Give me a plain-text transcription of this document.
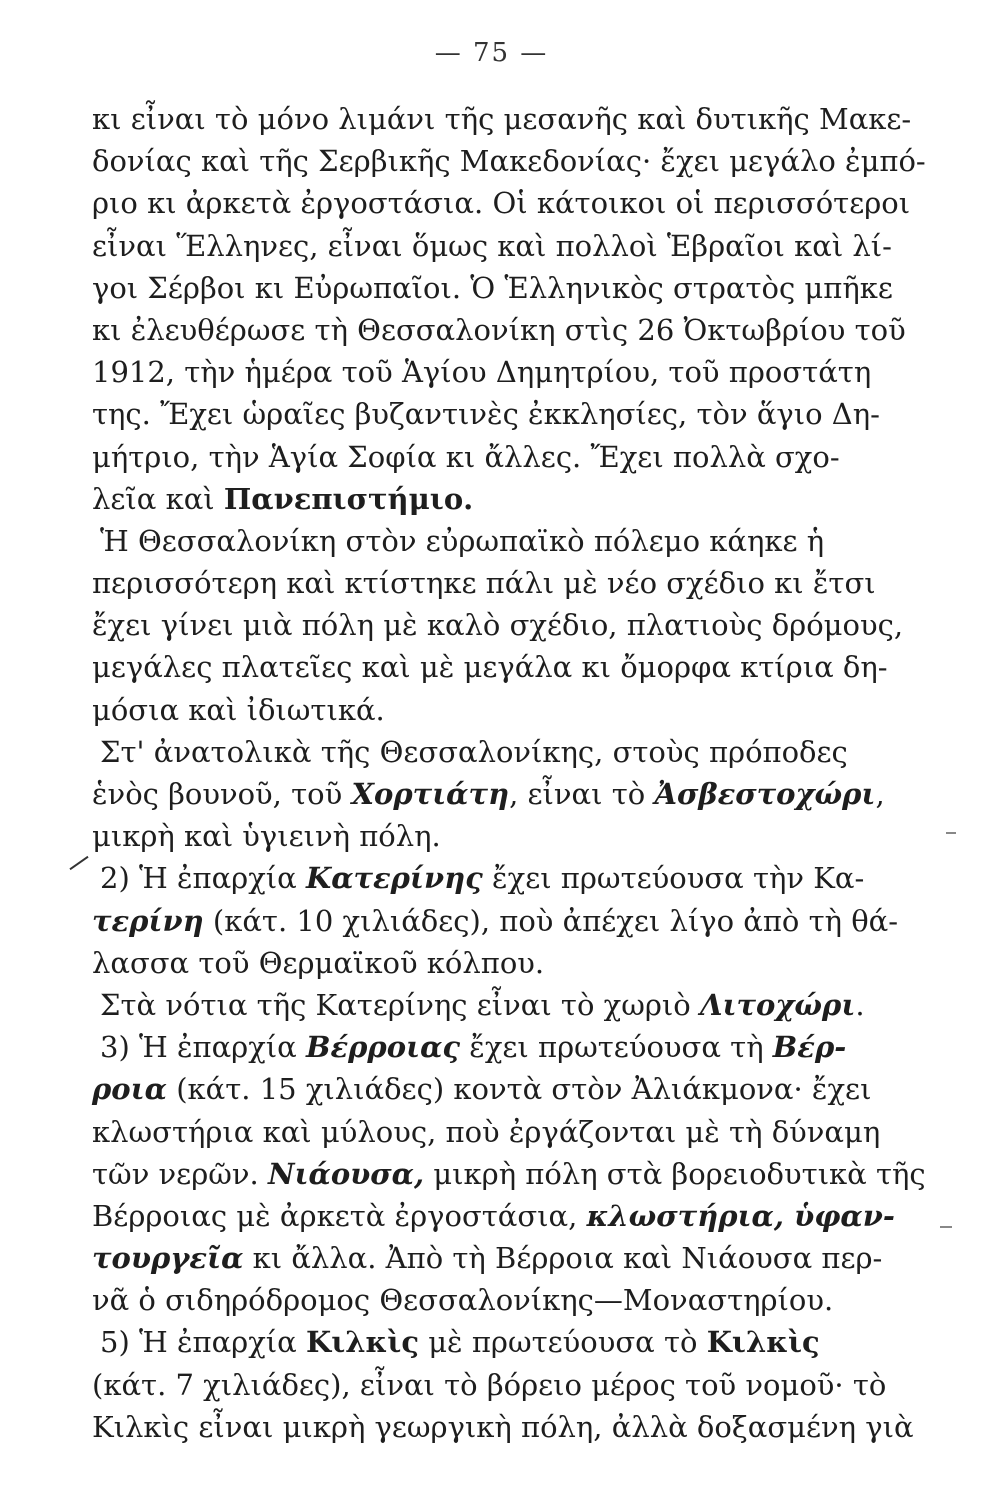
— 75 —
κι εἶναι τὸ μόνο λιμάνι τῆς μεσανῆς καὶ δυτικῆς Μακε-
δονίας καὶ τῆς Σερβικῆς Μακεδονίας· ἔχει μεγάλο ἐμπό-
ριο κι ἀρκετὰ ἐργοστάσια. Οἱ κάτοικοι οἱ περισσότεροι
εἶναι Ἕλληνες, εἶναι ὅμως καὶ πολλοὶ Ἑβραῖοι καὶ λί-
γοι Σέρβοι κι Εὐρωπαῖοι. Ὁ Ἑλληνικὸς στρατὸς μπῆκε
κι ἐλευθέρωσε τὴ Θεσσαλονίκη στὶς 26 Ὀκτωβρίου τοῦ
1912, τὴν ἡμέρα τοῦ Ἁγίου Δημητρίου, τοῦ προστάτη
της. Ἔχει ὡραῖες βυζαντινὲς ἐκκλησίες, τὸν ἅγιο Δη-
μήτριο, τὴν Ἁγία Σοφία κι ἄλλες. Ἔχει πολλὰ σχο-
λεῖα καὶ Πανεπιστήμιο.
Ἡ Θεσσαλονίκη στὸν εὐρωπαϊκὸ πόλεμο κάηκε ἡ
περισσότερη καὶ κτίστηκε πάλι μὲ νέο σχέδιο κι ἔτσι
ἔχει γίνει μιὰ πόλη μὲ καλὸ σχέδιο, πλατιοὺς δρόμους,
μεγάλες πλατεῖες καὶ μὲ μεγάλα κι ὄμορφα κτίρια δη-
μόσια καὶ ἰδιωτικά.
Στ' ἀνατολικὰ τῆς Θεσσαλονίκης, στοὺς πρόποδες
ἑνὸς βουνοῦ, τοῦ Χορτιάτη, εἶναι τὸ Ἀσβεστοχώρι,
μικρὴ καὶ ὑγιεινὴ πόλη.
2) Ἡ ἐπαρχία Κατερίνης ἔχει πρωτεύουσα τὴν Κα-
τερίνη (κάτ. 10 χιλιάδες), ποὺ ἀπέχει λίγο ἀπὸ τὴ θά-
λασσα τοῦ Θερμαϊκοῦ κόλπου.
Στὰ νότια τῆς Κατερίνης εἶναι τὸ χωριὸ Λιτοχώρι.
3) Ἡ ἐπαρχία Βέρροιας ἔχει πρωτεύουσα τὴ Βέρ-
ροια (κάτ. 15 χιλιάδες) κοντὰ στὸν Ἀλιάκμονα· ἔχει
κλωστήρια καὶ μύλους, ποὺ ἐργάζονται μὲ τὴ δύναμη
τῶν νερῶν. Νιάουσα, μικρὴ πόλη στὰ βορειοδυτικὰ τῆς
Βέρροιας μὲ ἀρκετὰ ἐργοστάσια, κλωστήρια, ὑφαν-
τουργεῖα κι ἄλλα. Ἀπὸ τὴ Βέρροια καὶ Νιάουσα περ-
νᾶ ὁ σιδηρόδρομος Θεσσαλονίκης—Μοναστηρίου.
5) Ἡ ἐπαρχία Κιλκὶς μὲ πρωτεύουσα τὸ Κιλκὶς
(κάτ. 7 χιλιάδες), εἶναι τὸ βόρειο μέρος τοῦ νομοῦ· τὸ
Κιλκὶς εἶναι μικρὴ γεωργικὴ πόλη, ἀλλὰ δοξασμένη γιὰ
